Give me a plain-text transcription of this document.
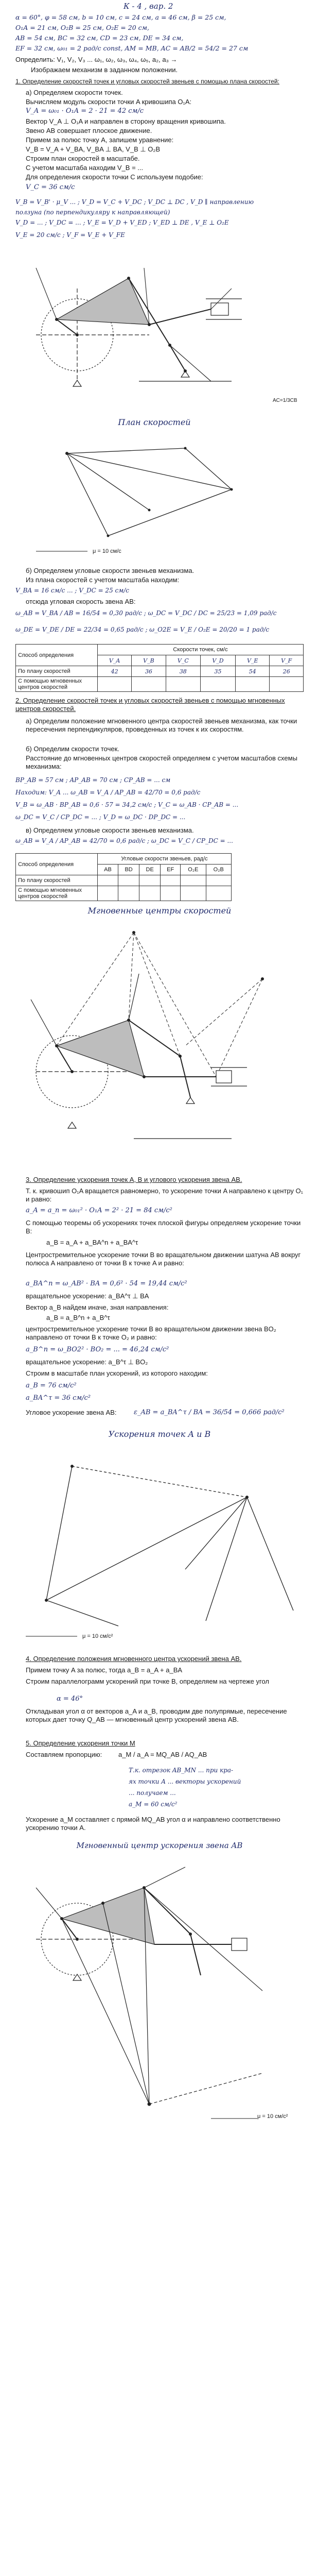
К - 4 , вар. 2
α = 60°, φ = 58 см, b = 10 см, c = 24 см, a = 46 см, β = 25 см,
O₁A = 21 см, O₂B = 25 см, O₂E = 20 см,
AB = 54 см, BC = 32 см, CD = 23 см, DE = 34 см,
EF = 32 см, ω₀₁ = 2 рад/с const, AM = MB, AC = AB/2 = 54/2 = 27 см
Определить: V₁, V₂, V₃ ... ω₁, ω₂, ω₃, ω₄, ω₅, a₂, a₃ →
Изображаем механизм в заданном положении.
1. Определение скоростей точек и угловых скоростей звеньев с помощью плана скоростей:
а) Определяем скорости точек.
Вычисляем модуль скорости точки A кривошипа O₁A:
V_A = ω₀₁ · O₁A = 2 · 21 = 42 см/с
Вектор V_A ⊥ O₁A и направлен в сторону вращения кривошипа.
Звено АВ совершает плоское движение.
Примем за полюс точку A, запишем уравнение:
V_B = V_A + V_BA, V_BA ⊥ BA, V_B ⊥ O₂B
Строим план скоростей в масштабе.
С учетом масштаба находим V_B = ...
Для определения скорости точки C используем подобие:
V_C = 36 см/с
V_B = V_B' · μ_V ... ; V_D = V_C + V_DC ; V_DC ⊥ DC , V_D ∥ направлению
ползуна (по перпендикуляру к направляющей)
V_D = ... ; V_DC = ... ; V_E = V_D + V_ED ; V_ED ⊥ DE , V_E ⊥ O₂E
V_E = 20 см/с ; V_F = V_E + V_FE
AC=1/3CB
План скоростей
μ = 10 см/с
б) Определяем угловые скорости звеньев механизма.
Из плана скоростей с учетом масштаба находим:
V_BA = 16 см/с ... ; V_DC = 25 см/с
отсюда угловая скорость звена АВ:
ω_AB = V_BA / AB = 16/54 = 0,30 рад/с ; ω_DC = V_DC / DC = 25/23 = 1,09 рад/с
ω_DE = V_DE / DE = 22/34 = 0,65 рад/с ; ω_O2E = V_E / O₂E = 20/20 = 1 рад/с
Способ определения	Скорости точек, см/с					
	V_A	V_B	V_C	V_D	V_E	V_F
По плану скоростей	42	36	38	35	54	26
С помощью мгновенных центров скоростей						
2. Определение скоростей точек и угловых скоростей звеньев с помощью мгновенных центров скоростей.
а) Определим положение мгновенного центра скоростей звеньев механизма, как точки пересечения перпендикуляров, проведенных из точек к их скоростям.
б) Определим скорости точек.
Расстояние до мгновенных центров скоростей определяем с учетом масштабов схемы механизма:
BP_AB = 57 см ; AP_AB = 70 см ; CP_AB = ... см
Находим: V_A ... ω_AB = V_A / AP_AB = 42/70 = 0,6 рад/с
V_B = ω_AB · BP_AB = 0,6 · 57 = 34,2 см/с ; V_C = ω_AB · CP_AB = ...
ω_DC = V_C / CP_DC = ... ; V_D = ω_DC · DP_DC = ...
в) Определяем угловые скорости звеньев механизма.
ω_AB = V_A / AP_AB = 42/70 = 0,6 рад/с ; ω_DC = V_C / CP_DC = ...
Способ определения	Угловые скорости звеньев, рад/с					
	AB	BD	DE	EF	O₂E	O₂B
По плану скоростей						
С помощью мгновенных центров скоростей						
Мгновенные центры скоростей
3. Определение ускорения точек A, B и углового ускорения звена АВ.
Т. к. кривошип O₁A вращается равномерно, то ускорение точки A направлено к центру O₁ и равно:
a_A = a_n = ω₀₁² · O₁A = 2² · 21 = 84 см/с²
С помощью теоремы об ускорениях точек плоской фигуры определяем ускорение точки B:
a_B = a_A + a_BA^n + a_BA^τ
Центростремительное ускорение точки B во вращательном движении шатуна АВ вокруг полюса A направлено от точки B к точке A и равно:
a_BA^n = ω_AB² · BA = 0,6² · 54 = 19,44 см/с²
вращательное ускорение: a_BA^τ ⊥ BA
Вектор a_B найдем иначе, зная направления:
a_B = a_B^n + a_B^τ
центростремительное ускорение точки B во вращательном движении звена BO₂ направлено от точки B к точке O₂ и равно:
a_B^n = ω_BO2² · BO₂ = ... = 46,24 см/с²
вращательное ускорение: a_B^τ ⊥ BO₂
Строим в масштабе план ускорений, из которого находим:
a_B = 76 см/с²
a_BA^τ = 36 см/с²
Угловое ускорение звена AB:	ε_AB = a_BA^τ / BA = 36/54 = 0,666 рад/с²
Ускорения точек A и B
μ = 10 см/с²
4. Определение положения мгновенного центра ускорений звена AB.
Примем точку A за полюс, тогда a_B = a_A + a_BA
Строим параллелограмм ускорений при точке B, определяем на чертеже угол
α = 46°
Откладывая угол α от векторов a_A и a_B, проводим две полупрямые, пересечение которых дает точку Q_AB — мгновенный центр ускорений звена AB.
5. Определение ускорения точки M
Составляем пропорцию: a_M / a_A = MQ_AB / AQ_AB
Т.к. отрезок AB_MN ... при кра-
ях точки A ... векторы ускорений
... получаем ...
a_M = 60 см/с²
Ускорение a_M составляет с прямой MQ_AB угол α и направлено соответственно ускорению точки A.
Мгновенный центр ускорения звена AB
μ = 10 см/с²
